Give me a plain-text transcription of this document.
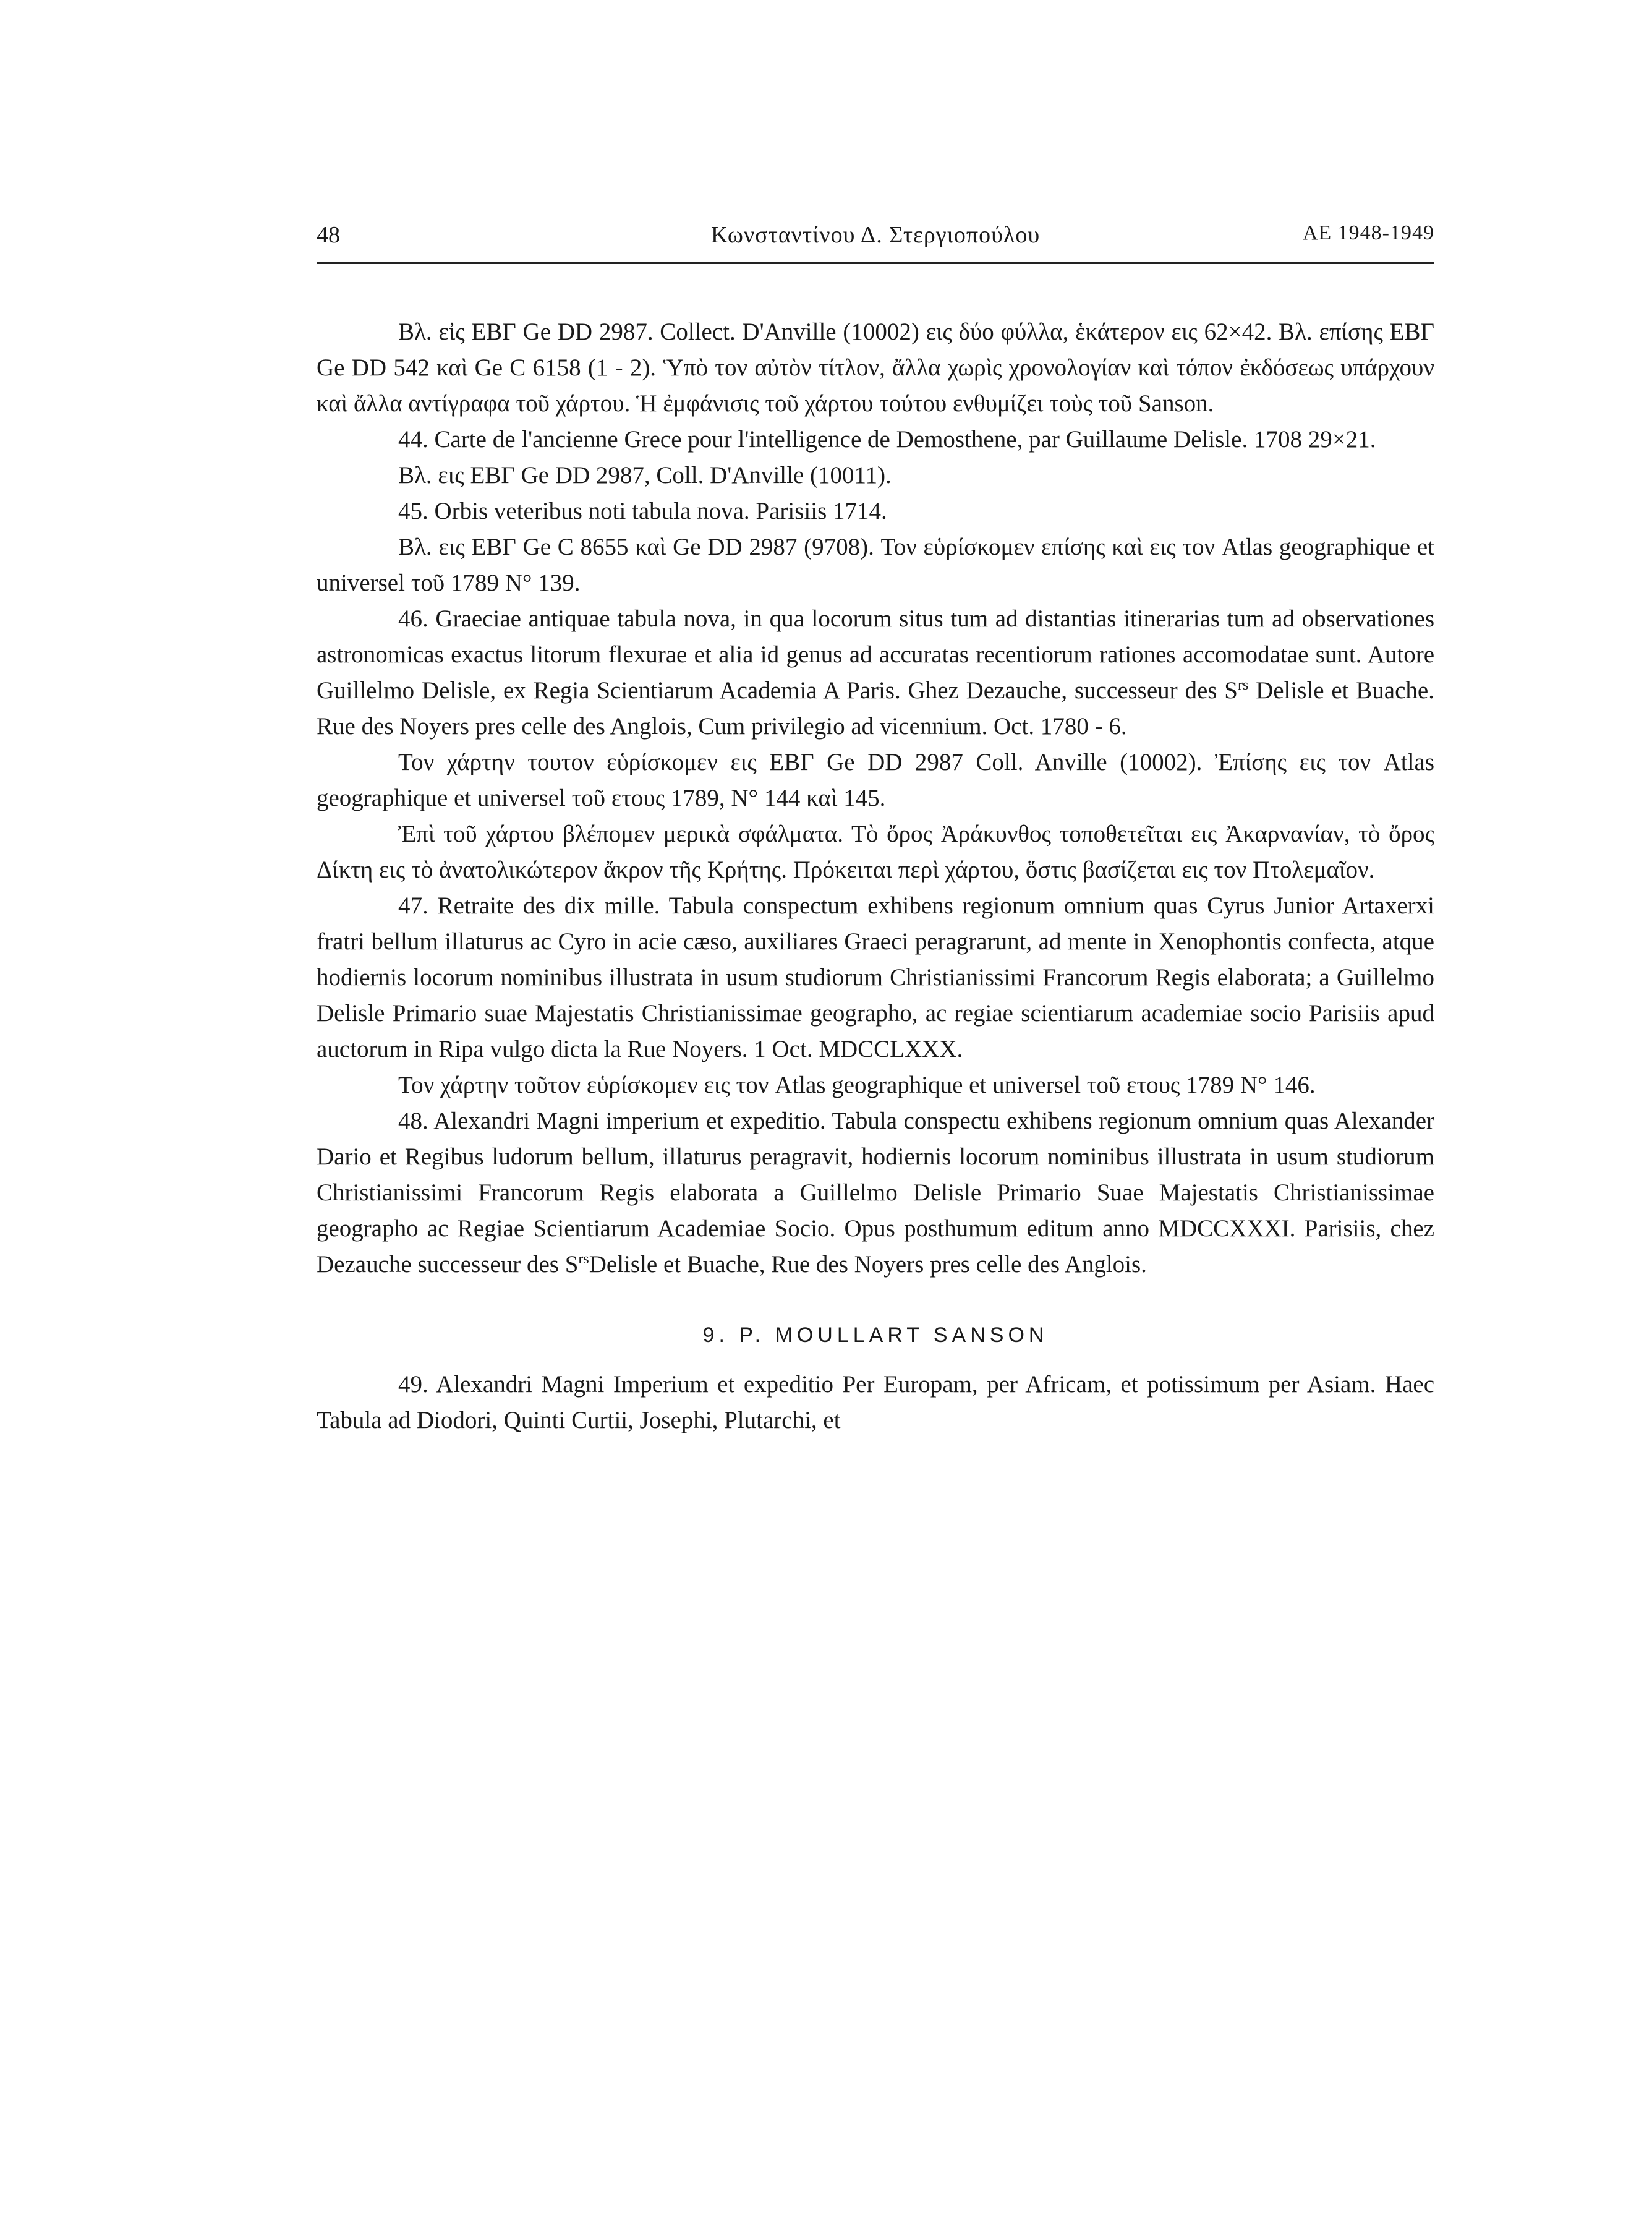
48	Κωνσταντίνου Δ. Στεργιοπούλου	ΑΕ 1948-1949

Βλ. εἰς ΕΒΓ Ge DD 2987. Collect. D'Anville (10002) εις δύο φύλλα, ἑκάτερον εις 62×42. Βλ. επίσης ΕΒΓ Ge DD 542 καὶ Ge C 6158 (1 - 2). Ὑπὸ τον αὐτὸν τίτλον, ἄλλα χωρὶς χρονολογίαν καὶ τόπον ἐκδόσεως υπάρχουν καὶ ἄλλα αντίγραφα τοῦ χάρτου. Ἡ ἐμφάνισις τοῦ χάρτου τούτου ενθυμίζει τοὺς τοῦ Sanson.

44. Carte de l'ancienne Grece pour l'intelligence de Demosthene, par Guillaume Delisle. 1708 29×21.

Βλ. εις ΕΒΓ Ge DD 2987, Coll. D'Anville (10011).

45. Orbis veteribus noti tabula nova. Parisiis 1714.

Βλ. εις ΕΒΓ Ge C 8655 καὶ Ge DD 2987 (9708). Τον εὑρίσκομεν επίσης καὶ εις τον Atlas geographique et universel τοῦ 1789 N° 139.

46. Graeciae antiquae tabula nova, in qua locorum situs tum ad distantias itinerarias tum ad observationes astronomicas exactus litorum flexurae et alia id genus ad accuratas recentiorum rationes accomodatae sunt. Autore Guillelmo Delisle, ex Regia Scientiarum Academia A Paris. Ghez Dezauche, successeur des $S^{rs}$ Delisle et Buache. Rue des Noyers pres celle des Anglois, Cum privilegio ad vicennium. Oct. 1780 - 6.

Τον χάρτην τουτον εὑρίσκομεν εις ΕΒΓ Ge DD 2987 Coll. Anville (10002). Ἐπίσης εις τον Atlas geographique et universel τοῦ ετους 1789, N° 144 καὶ 145.

Ἐπὶ τοῦ χάρτου βλέπομεν μερικὰ σφάλματα. Τὸ ὄρος Ἀράκυνθος τοποθετεῖται εις Ἀκαρνανίαν, τὸ ὄρος Δίκτη εις τὸ ἀνατολικώτερον ἄκρον τῆς Κρήτης. Πρόκειται περὶ χάρτου, ὅστις βασίζεται εις τον Πτολεμαῖον.

47. Retraite des dix mille. Tabula conspectum exhibens regionum omnium quas Cyrus Junior Artaxerxi fratri bellum illaturus ac Cyro in acie cæso, auxiliares Graeci peragrarunt, ad mente in Xenophontis confecta, atque hodiernis locorum nominibus illustrata in usum studiorum Christianissimi Francorum Regis elaborata; a Guillelmo Delisle Primario suae Majestatis Christianissimae geographo, ac regiae scientiarum academiae socio Parisiis apud auctorum in Ripa vulgo dicta la Rue Noyers. 1 Oct. MDCCLXXX.

Τον χάρτην τοῦτον εὑρίσκομεν εις τον Atlas geographique et universel τοῦ ετους 1789 N° 146.

48. Alexandri Magni imperium et expeditio. Tabula conspectu exhibens regionum omnium quas Alexander Dario et Regibus ludorum bellum, illaturus peragravit, hodiernis locorum nominibus illustrata in usum studiorum Christianissimi Francorum Regis elaborata a Guillelmo Delisle Primario Suae Majestatis Christianissimae geographo ac Regiae Scientiarum Academiae Socio. Opus posthumum editum anno MDCCXXXI. Parisiis, chez Dezauche successeur des $S^{rs}Delisle$ et Buache, Rue des Noyers pres celle des Anglois.

9. P. MOULLART SANSON

49. Alexandri Magni Imperium et expeditio Per Europam, per Africam, et potissimum per Asiam. Haec Tabula ad Diodori, Quinti Curtii, Josephi, Plutarchi, et
